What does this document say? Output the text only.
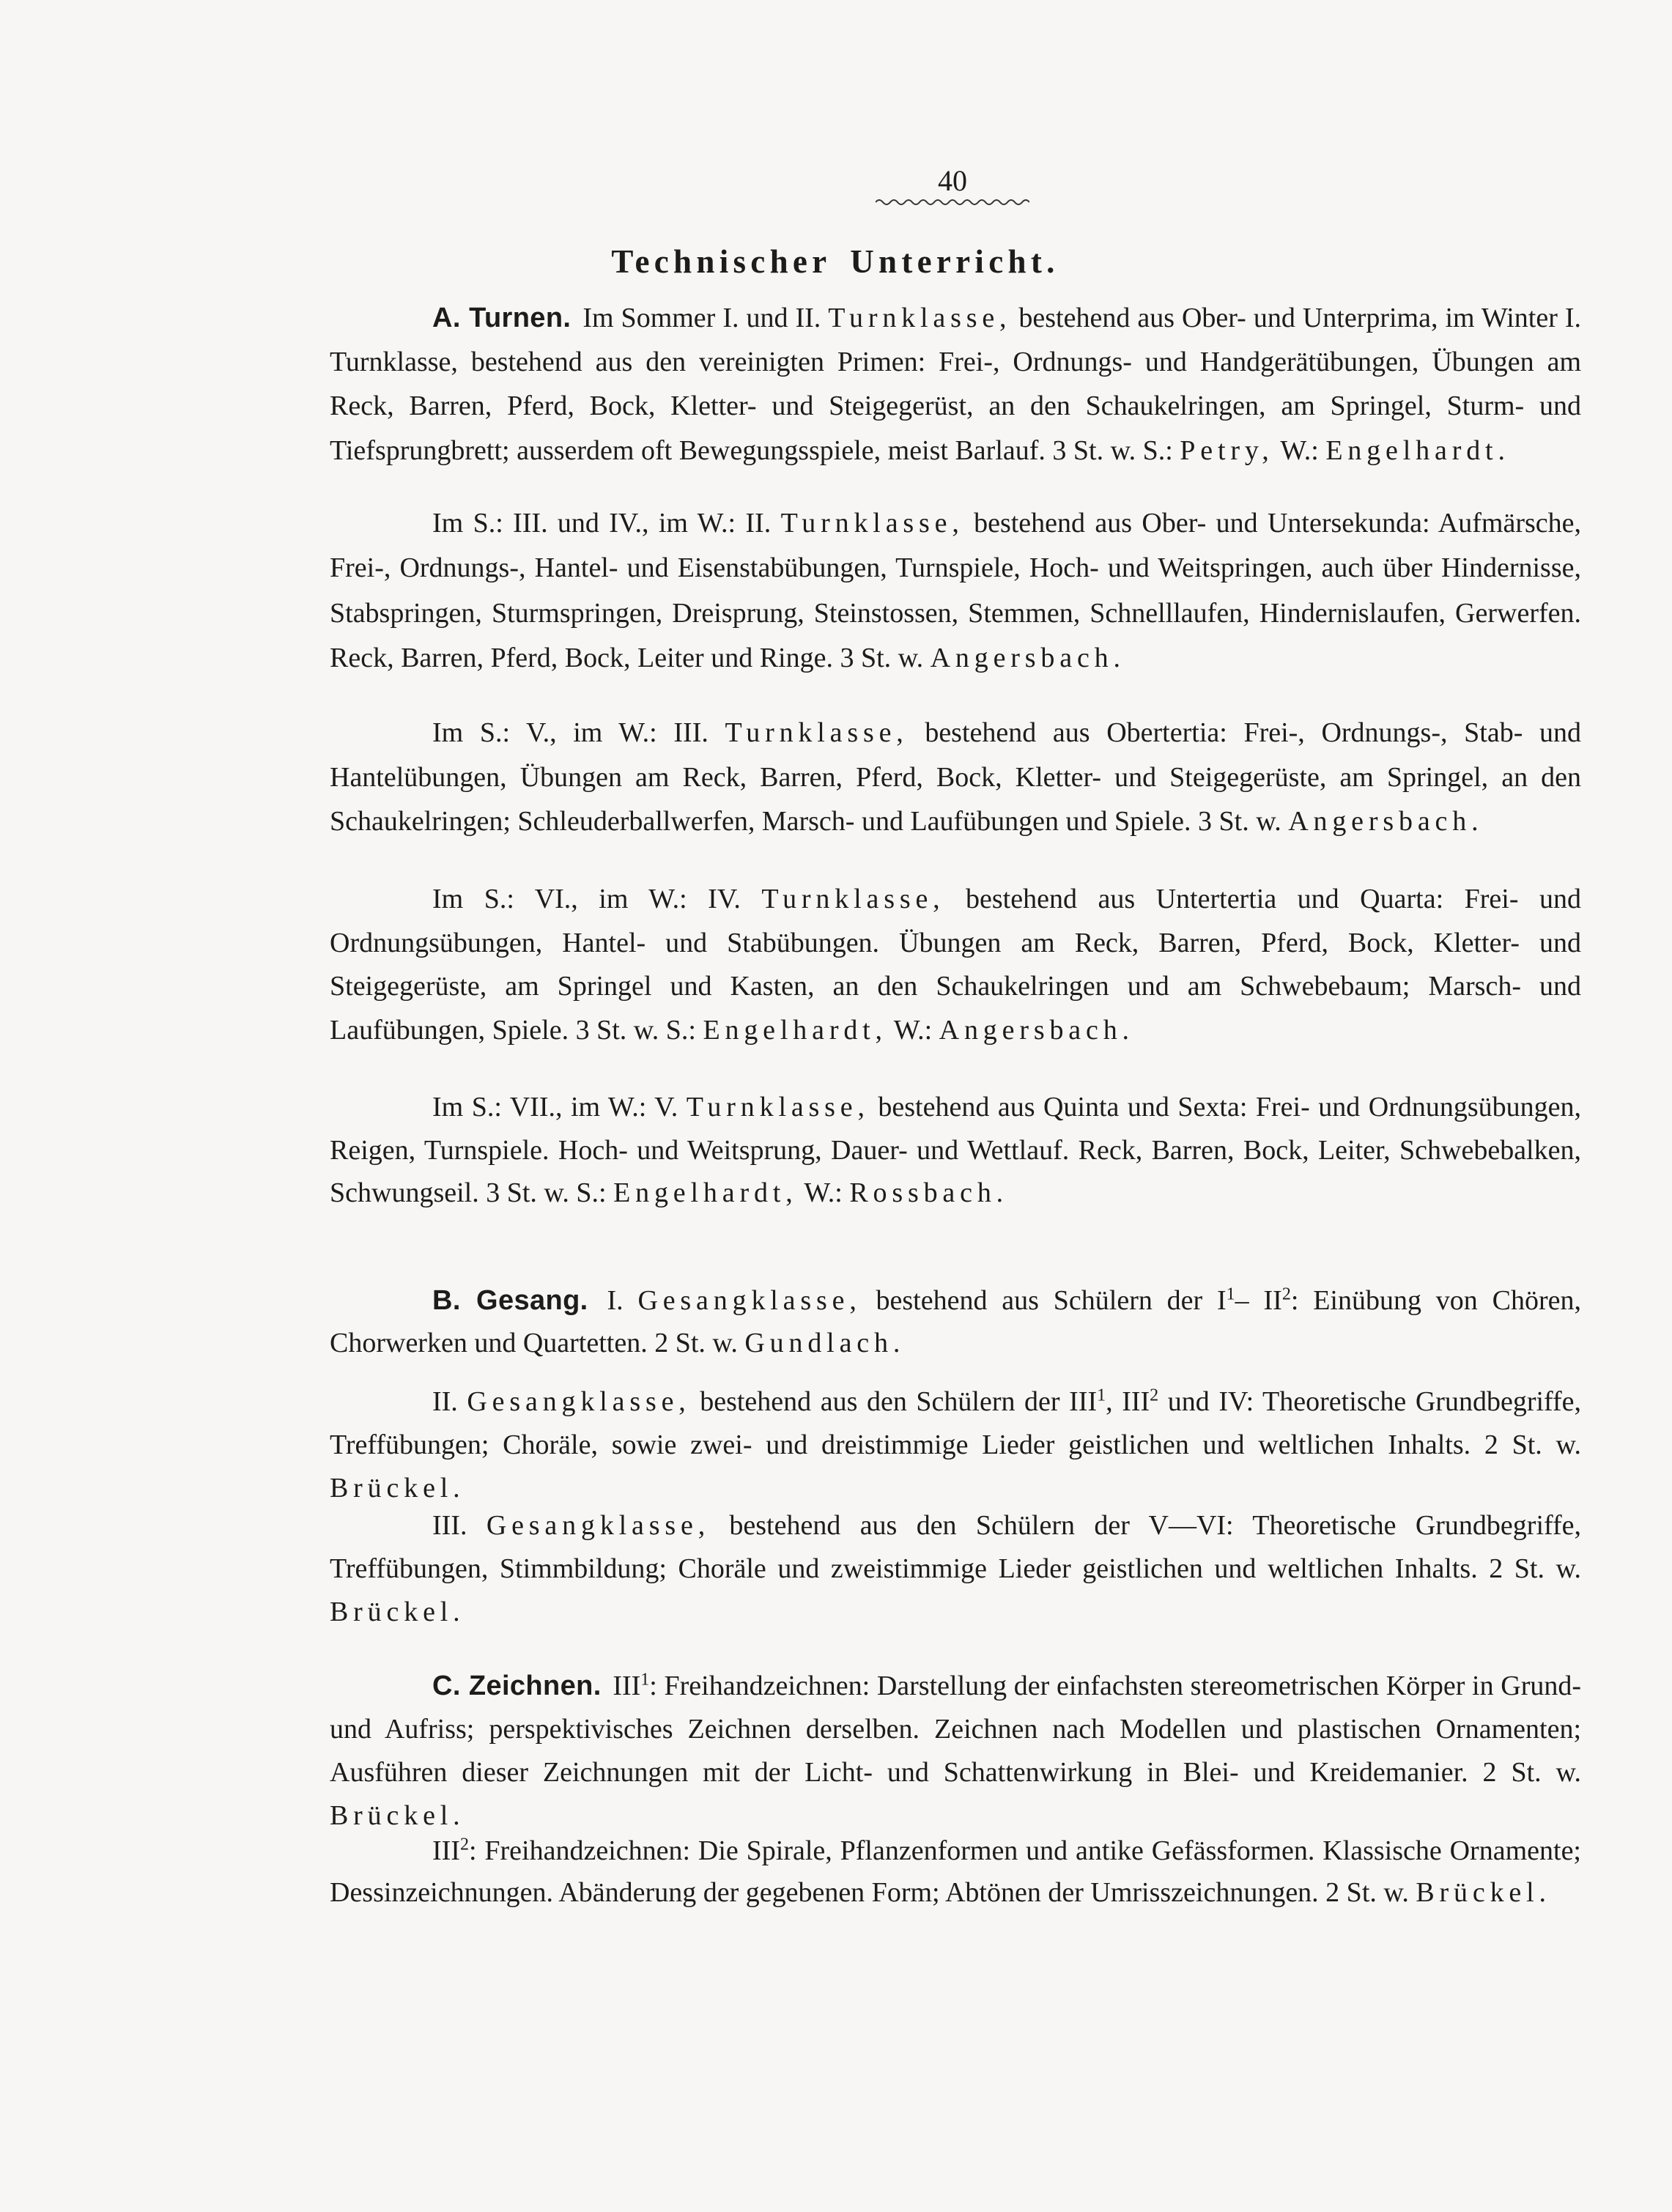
40
Technischer Unterricht.

A. Turnen. Im Sommer I. und II. Turnklasse, bestehend aus Ober- und Unterprima, im Winter I. Turnklasse, bestehend aus den vereinigten Primen: Frei-, Ordnungs- und Handgerätübungen, Übungen am Reck, Barren, Pferd, Bock, Kletter- und Steigegerüst, an den Schaukelringen, am Springel, Sturm- und Tiefsprungbrett; ausserdem oft Bewegungsspiele, meist Barlauf. 3 St. w. S.: Petry, W.: Engelhardt.

Im S.: III. und IV., im W.: II. Turnklasse, bestehend aus Ober- und Untersekunda: Aufmärsche, Frei-, Ordnungs-, Hantel- und Eisenstabübungen, Turnspiele, Hoch- und Weitspringen, auch über Hindernisse, Stabspringen, Sturmspringen, Dreisprung, Steinstossen, Stemmen, Schnelllaufen, Hindernislaufen, Gerwerfen. Reck, Barren, Pferd, Bock, Leiter und Ringe. 3 St. w. Angersbach.

Im S.: V., im W.: III. Turnklasse, bestehend aus Obertertia: Frei-, Ordnungs-, Stab- und Hantelübungen, Übungen am Reck, Barren, Pferd, Bock, Kletter- und Steigegerüste, am Springel, an den Schaukelringen; Schleuderballwerfen, Marsch- und Laufübungen und Spiele. 3 St. w. Angersbach.

Im S.: VI., im W.: IV. Turnklasse, bestehend aus Untertertia und Quarta: Frei- und Ordnungsübungen, Hantel- und Stabübungen. Übungen am Reck, Barren, Pferd, Bock, Kletter- und Steigegerüste, am Springel und Kasten, an den Schaukelringen und am Schwebebaum; Marsch- und Laufübungen, Spiele. 3 St. w. S.: Engelhardt, W.: Angersbach.

Im S.: VII., im W.: V. Turnklasse, bestehend aus Quinta und Sexta: Frei- und Ordnungsübungen, Reigen, Turnspiele. Hoch- und Weitsprung, Dauer- und Wettlauf. Reck, Barren, Bock, Leiter, Schwebebalken, Schwungseil. 3 St. w. S.: Engelhardt, W.: Rossbach.

B. Gesang. I. Gesangklasse, bestehend aus Schülern der $I^1-$ $II^2$: Einübung von Chören, Chorwerken und Quartetten. 2 St. w. Gundlach.

II. Gesangklasse, bestehend aus den Schülern der III$^1$, III$^2$ und IV: Theoretische Grundbegriffe, Treffübungen; Choräle, sowie zwei- und dreistimmige Lieder geistlichen und weltlichen Inhalts. 2 St. w. Brückel.

III. Gesangklasse, bestehend aus den Schülern der V—VI: Theoretische Grundbegriffe, Treffübungen, Stimmbildung; Choräle und zweistimmige Lieder geistlichen und weltlichen Inhalts. 2 St. w. Brückel.

C. Zeichnen. III$^1$: Freihandzeichnen: Darstellung der einfachsten stereometrischen Körper in Grund- und Aufriss; perspektivisches Zeichnen derselben. Zeichnen nach Modellen und plastischen Ornamenten; Ausführen dieser Zeichnungen mit der Licht- und Schattenwirkung in Blei- und Kreidemanier. 2 St. w. Brückel.

III$^2$: Freihandzeichnen: Die Spirale, Pflanzenformen und antike Gefässformen. Klassische Ornamente; Dessinzeichnungen. Abänderung der gegebenen Form; Abtönen der Umrisszeichnungen. 2 St. w. Brückel.
